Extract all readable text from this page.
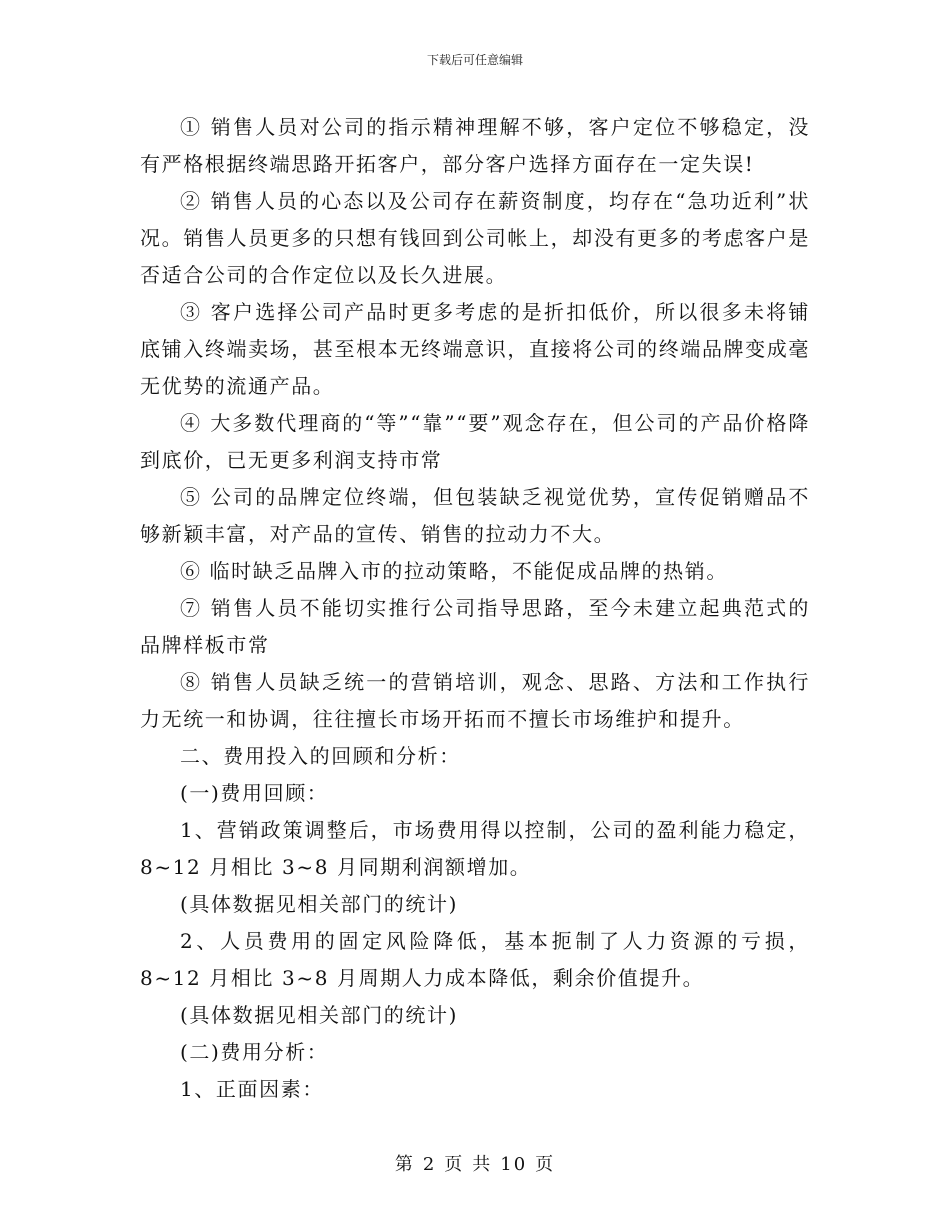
下载后可任意编辑

① 销售人员对公司的指示精神理解不够，客户定位不够稳定，没有严格根据终端思路开拓客户，部分客户选择方面存在一定失误!

② 销售人员的心态以及公司存在薪资制度，均存在“急功近利”状况。销售人员更多的只想有钱回到公司帐上，却没有更多的考虑客户是否适合公司的合作定位以及长久进展。

③ 客户选择公司产品时更多考虑的是折扣低价，所以很多未将铺底铺入终端卖场，甚至根本无终端意识，直接将公司的终端品牌变成毫无优势的流通产品。

④ 大多数代理商的“等”“靠”“要”观念存在，但公司的产品价格降到底价，已无更多利润支持市常

⑤ 公司的品牌定位终端，但包装缺乏视觉优势，宣传促销赠品不够新颖丰富，对产品的宣传、销售的拉动力不大。

⑥ 临时缺乏品牌入市的拉动策略，不能促成品牌的热销。

⑦ 销售人员不能切实推行公司指导思路，至今未建立起典范式的品牌样板市常

⑧ 销售人员缺乏统一的营销培训，观念、思路、方法和工作执行力无统一和协调，往往擅长市场开拓而不擅长市场维护和提升。

二、费用投入的回顾和分析：

(一)费用回顾：

1、营销政策调整后，市场费用得以控制，公司的盈利能力稳定，8~12 月相比 3~8 月同期利润额增加。

(具体数据见相关部门的统计)

2、人员费用的固定风险降低，基本扼制了人力资源的亏损，8~12 月相比 3~8 月周期人力成本降低，剩余价值提升。

(具体数据见相关部门的统计)

(二)费用分析：

1、正面因素：

第 2 页 共 10 页
